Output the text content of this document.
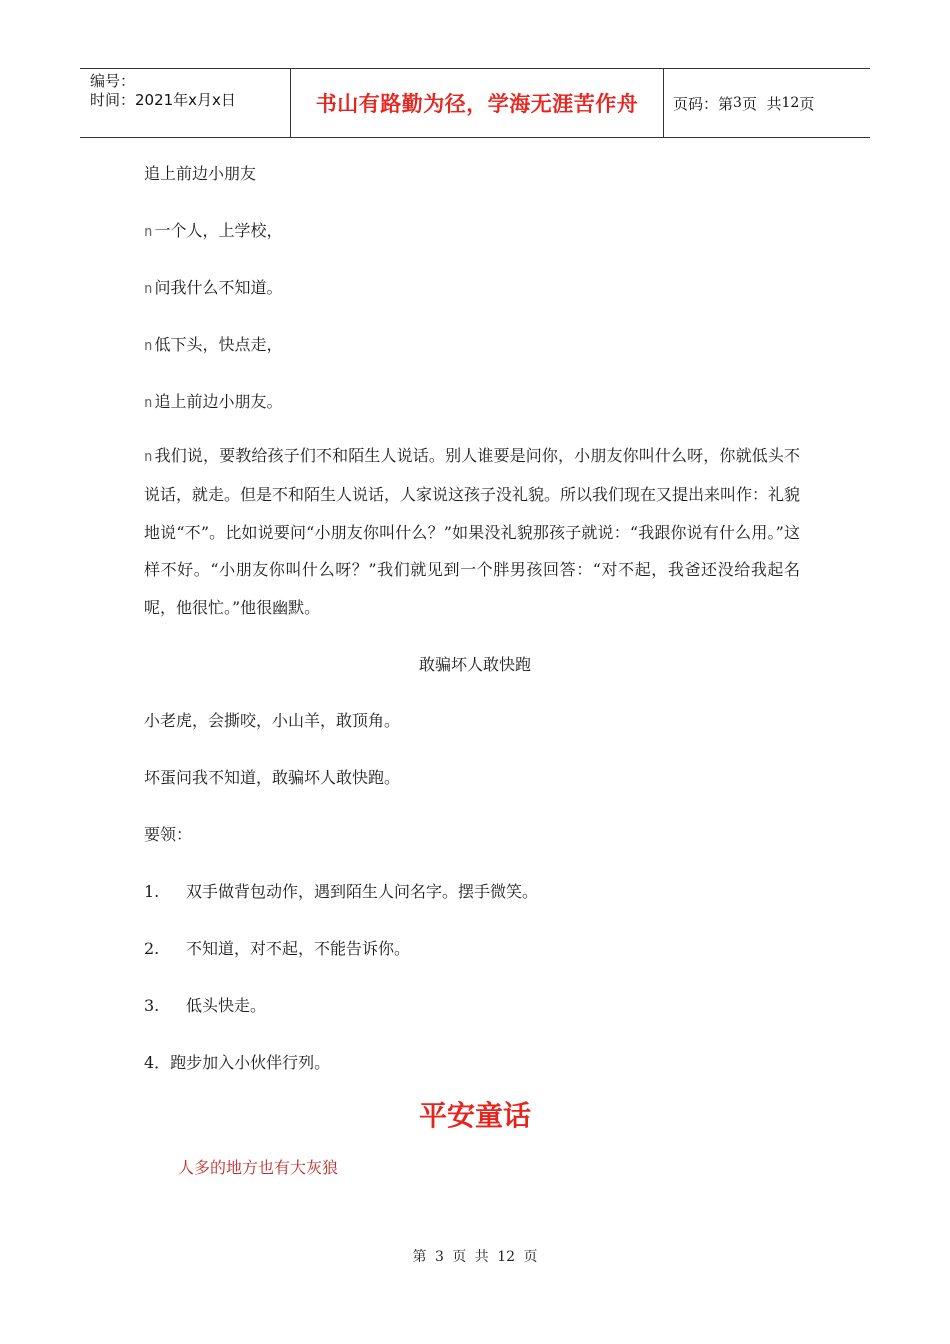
编号：
时间：2021年x月x日	书山有路勤为径，学海无涯苦作舟	页码：第 3 页  共 12 页
追上前边小朋友
n 一个人，上学校，
n 问我什么不知道。
n 低下头，快点走，
n 追上前边小朋友。
n 我们说，要教给孩子们不和陌生人说话。别人谁要是问你，小朋友你叫什么呀，你就低头不说话，就走。但是不和陌生人说话，人家说这孩子没礼貌。所以我们现在又提出来叫作：礼貌地说“不”。比如说要问“小朋友你叫什么？”如果没礼貌那孩子就说：“我跟你说有什么用。”这样不好。“小朋友你叫什么呀？”我们就见到一个胖男孩回答：“对不起，我爸还没给我起名呢，他很忙。”他很幽默。
敢骗坏人敢快跑
小老虎，会撕咬，小山羊，敢顶角。
坏蛋问我不知道，敢骗坏人敢快跑。
要领：
1. 双手做背包动作，遇到陌生人问名字。摆手微笑。
2. 不知道，对不起，不能告诉你。
3. 低头快走。
4．跑步加入小伙伴行列。
平安童话
人多的地方也有大灰狼
第 3 页 共 12 页
